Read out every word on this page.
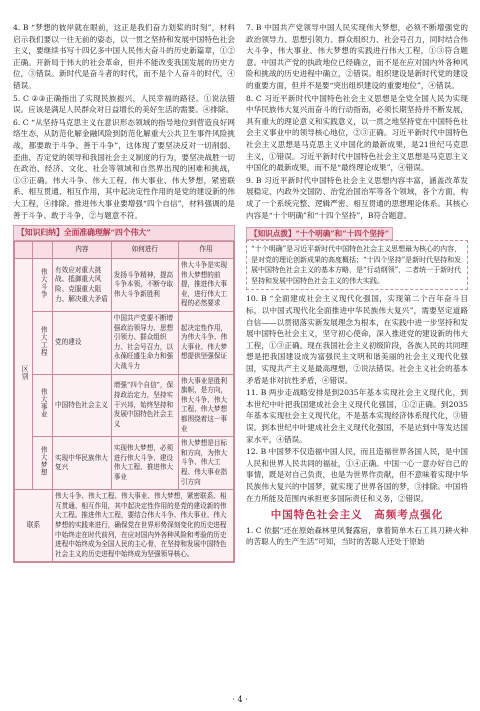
4. B “梦想的彼岸就在眼前，这正是我们奋力划桨的时刻”，材料启示我们要以一往无前的姿态，以一贯之坚持和发展中国特色社会主义，要继续书写十四亿多中国人民伟大奋斗的历史新篇章，①②正确。开新局于伟大的社会革命，但并不能改变我国发展的历史方位，③错误。新时代是奋斗者的时代，而不是个人奋斗的时代，④错误。

5. C ②③正确指出了实现民族振兴，人民幸福的路径。①说法错误。应该是满足人民群众对日益增长的美好生活的需要。④排除。

6. C “从坚持马克思主义在意识形态领域的指导地位到营造良好网络生态，从防范化解金融风险到防范化解重大公共卫生事件风险挑战，都要敢于斗争、善于斗争”，这体现了要坚决反对一切削弱、歪曲、否定党的领导和我国社会主义制度的行为，要坚决战胜一切在政治、经济、文化、社会等领域和自然界出现的困难和挑战，①③正确。伟大斗争、伟大工程、伟大事业、伟大梦想，紧密联系、相互贯通、相互作用，其中起决定性作用的是党的建设新的伟大工程，④排除。推进伟大事业要增强“四个自信”，材料强调的是善于斗争、敢于斗争，②与题意不符。

【知识归纳】全面准确理解“四个伟大”
		内容	如何进行	作用
区别	伟大斗争	有效应对重大挑战、抵御重大风险、克服重大阻力、解决重大矛盾	发扬斗争精神，提高斗争本领，不断夺取伟大斗争新胜利	伟大斗争是实现伟大梦想的前提，推进伟大事业，进行伟大工程的必然要求
	伟大工程	党的建设	中国共产党要不断增强政治领导力、思想引领力、群众组织力、社会号召力，以永葆旺盛生命力和强大战斗力	起决定性作用，为伟大斗争、伟大事业、伟大梦想提供坚强保证
	伟大事业	中国特色社会主义	增强“四个自信”，保持政治定力，坚持实干兴邦，始终坚持和发展中国特色社会主义	伟大事业是胜利旗帜，是方向，伟大斗争、伟大工程、伟大梦想都围绕着这一事业
	伟大梦想	实现中华民族伟大复兴	实现伟大梦想，必须进行伟大斗争、建设伟大工程、推进伟大事业	伟大梦想是目标和方向，为伟大斗争、伟大工程、伟大事业指引方向
联系		伟大斗争、伟大工程、伟大事业、伟大梦想，紧密联系、相互贯通、相互作用，其中起决定性作用的是党的建设新的伟大工程。推进伟大工程，要结合伟大斗争、伟大事业、伟大梦想的实践来进行，确保党在世界形势深刻变化的历史进程中始终走在时代前列，在应对国内外各种风险和考验的历史进程中始终成为全国人民的主心骨，在坚持和发展中国特色社会主义的历史进程中始终成为坚强领导核心。		

7. B 中国共产党领导中国人民实现伟大梦想，必须不断增强党的政治领导力、思想引领力、群众组织力、社会号召力，同时结合伟大斗争、伟大事业、伟大梦想的实践进行伟大工程，①③符合题意。中国共产党的执政地位已经确立，而不是在应对国内外各种风险和挑战的历史进程中确立，②错误。组织建设是新时代党的建设的重要方面，但并不是要“突出组织建设的重要地位”，④错误。

8. C 习近平新时代中国特色社会主义思想是全党全国人民为实现中华民族伟大复兴而奋斗的行动指南，必须长期坚持并不断发展，具有重大的理论意义和实践意义，以一贯之地坚持党在中国特色社会主义事业中的领导核心地位，②③正确。习近平新时代中国特色社会主义思想是马克思主义中国化的最新成果，是21世纪马克思主义，①错误。习近平新时代中国特色社会主义思想是马克思主义中国化的最新成果，而不是“最终理论成果”，④错误。

9. B 习近平新时代中国特色社会主义思想内容丰富，涵盖改革发展稳定、内政外交国防、治党治国治军等各个领域，各个方面，构成了一个系统完整、逻辑严密、相互贯通的思想理论体系。其核心内容是“十个明确”和“十四个坚持”，B符合题意。

【知识点拨】“十个明确”和“十四个坚持”
“十个明确”是习近平新时代中国特色社会主义思想最为核心的内容，是对党的理论创新成果的高度概括；“十四个坚持”是新时代坚持和发展中国特色社会主义的基本方略，是“行动纲领”，二者统一于新时代坚持和发展中国特色社会主义的伟大实践。

10. B “全面建成社会主义现代化强国，实现第二个百年奋斗目标，以中国式现代化全面推进中华民族伟大复兴”，需要坚定道路自信——以贯彻落实新发展理念为根本，在实践中进一步坚持和发展中国特色社会主义，坚守初心使命，深入推进党的建设新的伟大工程，①③正确。现在我国社会主义初级阶段，各族人民的共同理想是把我国建设成为富强民主文明和谐美丽的社会主义现代化强国，实现共产主义是最高理想，②说法错误。社会主义社会的基本矛盾是非对抗性矛盾，④错误。

11. B 两步走战略安排是到2035年基本实现社会主义现代化，到本世纪中叶把我国建成社会主义现代化强国，①②正确。到2035年基本实现社会主义现代化，不是基本实现经济体系现代化，③错误。到本世纪中叶建成社会主义现代化强国，不是达到中等发达国家水平，④错误。

12. B 中国梦不仅造福中国人民，而且造福世界各国人民，是中国人民和世界人民共同的福祉，①④正确。中国一心一意办好自己的事情，既是对自己负责，也是为世界作贡献，但不意味着实现中华民族伟大复兴的中国梦，就实现了世界各国的梦，③排除。中国将在力所能及范围内承担更多国际责任和义务，②错误。

中国特色社会主义　高频考点强化

1. C 依据“还在原始森林里风餐露宿，拿着简单木石工具刀耕火种的苦聪人的生产生活”可知，当时的苦聪人还处于原始

· 4 ·
